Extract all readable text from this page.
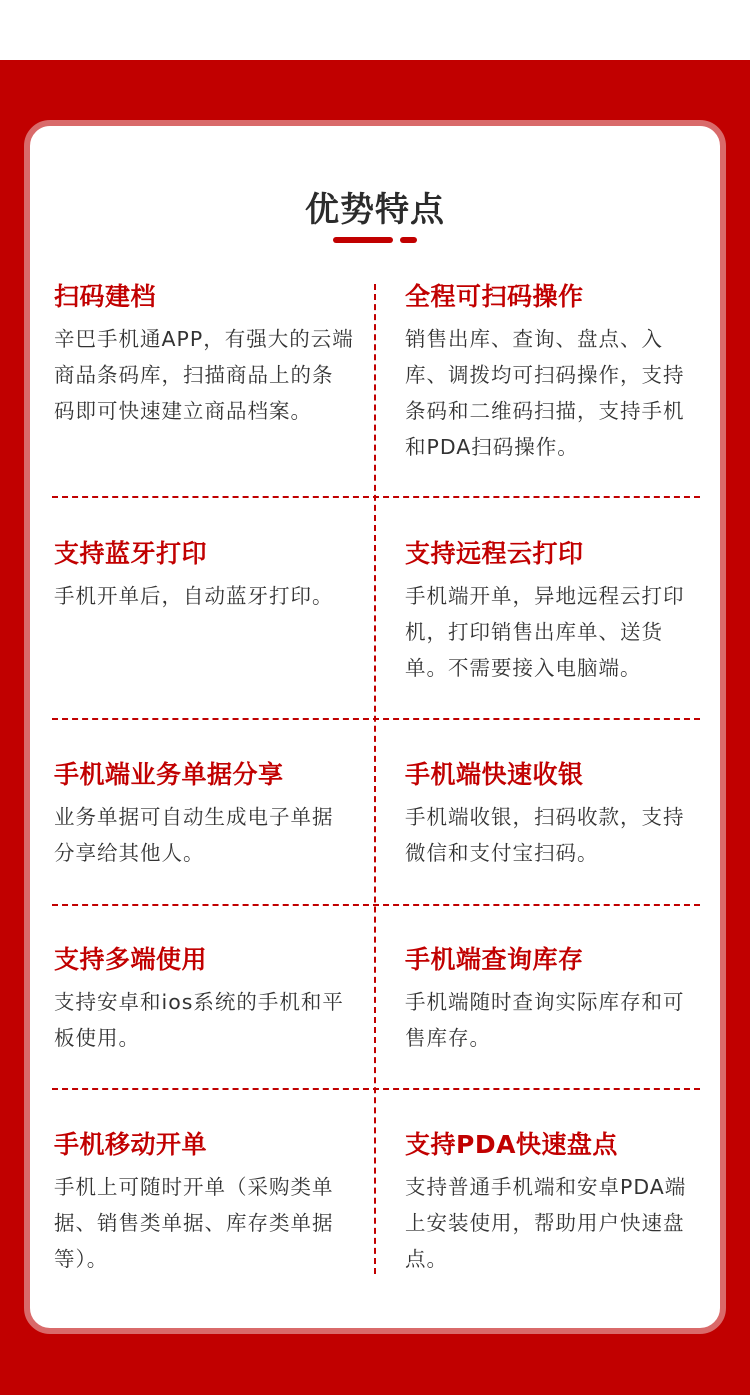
优势特点
扫码建档

辛巴手机通APP，有强大的云端商品条码库，扫描商品上的条码即可快速建立商品档案。

全程可扫码操作

销售出库、查询、盘点、入库、调拨均可扫码操作，支持条码和二维码扫描，支持手机和PDA扫码操作。

支持蓝牙打印

手机开单后，自动蓝牙打印。

支持远程云打印

手机端开单，异地远程云打印机，打印销售出库单、送货单。不需要接入电脑端。

手机端业务单据分享

业务单据可自动生成电子单据分享给其他人。

手机端快速收银

手机端收银，扫码收款，支持微信和支付宝扫码。

支持多端使用

支持安卓和ios系统的手机和平板使用。

手机端查询库存

手机端随时查询实际库存和可售库存。

手机移动开单

手机上可随时开单（采购类单据、销售类单据、库存类单据等）。

支持PDA快速盘点

支持普通手机端和安卓PDA端上安装使用，帮助用户快速盘点。
